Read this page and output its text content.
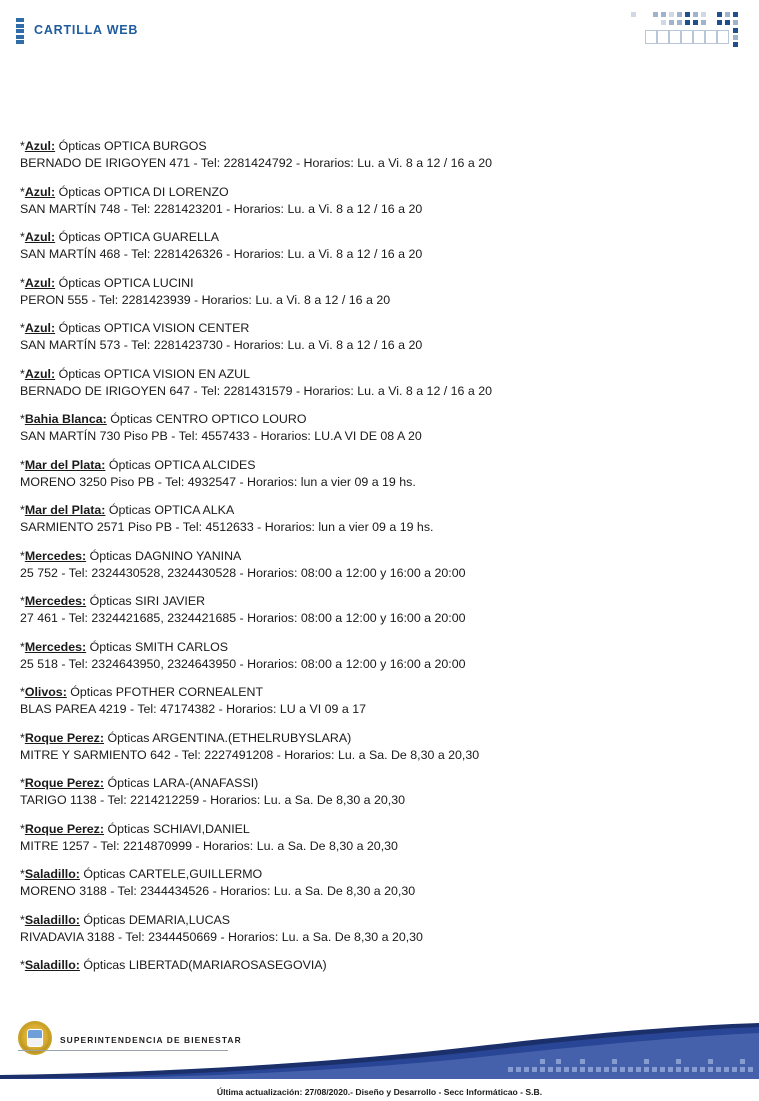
CARTILLA WEB
*Azul: Ópticas OPTICA BURGOS
BERNADO DE IRIGOYEN 471 - Tel: 2281424792 - Horarios: Lu. a Vi. 8 a 12 / 16 a 20
*Azul: Ópticas OPTICA DI LORENZO
SAN MARTÍN 748 - Tel: 2281423201 - Horarios: Lu. a Vi. 8 a 12 / 16 a 20
*Azul: Ópticas OPTICA GUARELLA
SAN MARTÍN 468 - Tel: 2281426326 - Horarios: Lu. a Vi. 8 a 12 / 16 a 20
*Azul: Ópticas OPTICA LUCINI
PERON 555 - Tel: 2281423939 - Horarios: Lu. a Vi. 8 a 12 / 16 a 20
*Azul: Ópticas OPTICA VISION CENTER
SAN MARTÍN 573 - Tel: 2281423730 - Horarios: Lu. a Vi. 8 a 12 / 16 a 20
*Azul: Ópticas OPTICA VISION EN AZUL
BERNADO DE IRIGOYEN 647 - Tel: 2281431579 - Horarios: Lu. a Vi. 8 a 12 / 16 a 20
*Bahia Blanca: Ópticas CENTRO OPTICO LOURO
SAN MARTÍN 730 Piso PB - Tel: 4557433 - Horarios: LU.A VI DE 08 A 20
*Mar del Plata: Ópticas OPTICA ALCIDES
MORENO 3250 Piso PB - Tel: 4932547 - Horarios: lun a vier 09 a 19 hs.
*Mar del Plata: Ópticas OPTICA ALKA
SARMIENTO 2571 Piso PB - Tel: 4512633 - Horarios: lun a vier 09 a 19 hs.
*Mercedes: Ópticas DAGNINO YANINA
25 752 - Tel: 2324430528, 2324430528 - Horarios: 08:00 a 12:00 y 16:00 a 20:00
*Mercedes: Ópticas SIRI JAVIER
27 461 - Tel: 2324421685, 2324421685 - Horarios: 08:00 a 12:00 y 16:00 a 20:00
*Mercedes: Ópticas SMITH CARLOS
25 518 - Tel: 2324643950, 2324643950 - Horarios: 08:00 a 12:00 y 16:00 a 20:00
*Olivos: Ópticas PFOTHER CORNEALENT
BLAS PAREA 4219 - Tel: 47174382 - Horarios: LU a VI 09 a 17
*Roque Perez: Ópticas ARGENTINA.(ETHELRUBYSLARA)
MITRE Y SARMIENTO 642 - Tel: 2227491208 - Horarios: Lu. a Sa. De 8,30 a 20,30
*Roque Perez: Ópticas LARA-(ANAFASSI)
TARIGO 1138 - Tel: 2214212259 - Horarios: Lu. a Sa. De 8,30 a 20,30
*Roque Perez: Ópticas SCHIAVI,DANIEL
MITRE 1257 - Tel: 2214870999 - Horarios: Lu. a Sa. De 8,30 a 20,30
*Saladillo: Ópticas CARTELE,GUILLERMO
MORENO 3188 - Tel: 2344434526 - Horarios: Lu. a Sa. De 8,30 a 20,30
*Saladillo: Ópticas DEMARIA,LUCAS
RIVADAVIA 3188 - Tel: 2344450669 - Horarios: Lu. a Sa. De 8,30 a 20,30
*Saladillo: Ópticas LIBERTAD(MARIAROSASEGOVIA)
SUPERINTENDENCIA DE BIENESTAR
Última actualización: 27/08/2020.- Diseño y Desarrollo - Secc Informáticao - S.B.
